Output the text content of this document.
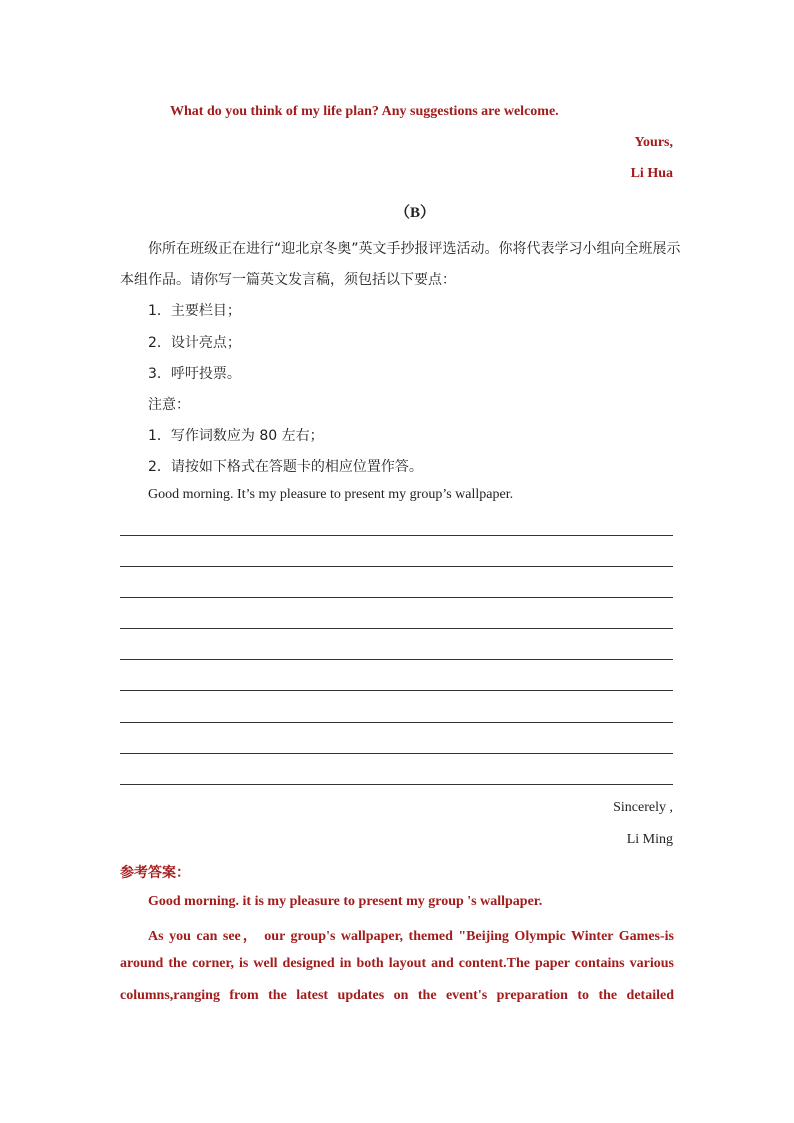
What do you think of my life plan? Any suggestions are welcome.
Yours,
Li Hua
（B）
你所在班级正在进行“迎北京冬奥”英文手抄报评选活动。你将代表学习小组向全班展示
本组作品。请你写一篇英文发言稿，须包括以下要点：
1．主要栏目；
2．设计亮点；
3．呼吁投票。
注意：
1．写作词数应为 80 左右；
2．请按如下格式在答题卡的相应位置作答。
Good morning. It’s my pleasure to present my group’s wallpaper.
Sincerely ,
Li Ming
参考答案：
Good morning. it is my pleasure to present my group 's wallpaper.
As you can see， our group's wallpaper, themed "Beijing Olympic Winter Games-is
around the corner, is well designed in both layout and content.The paper contains various
columns,ranging from the latest updates on the event's preparation to the detailed
